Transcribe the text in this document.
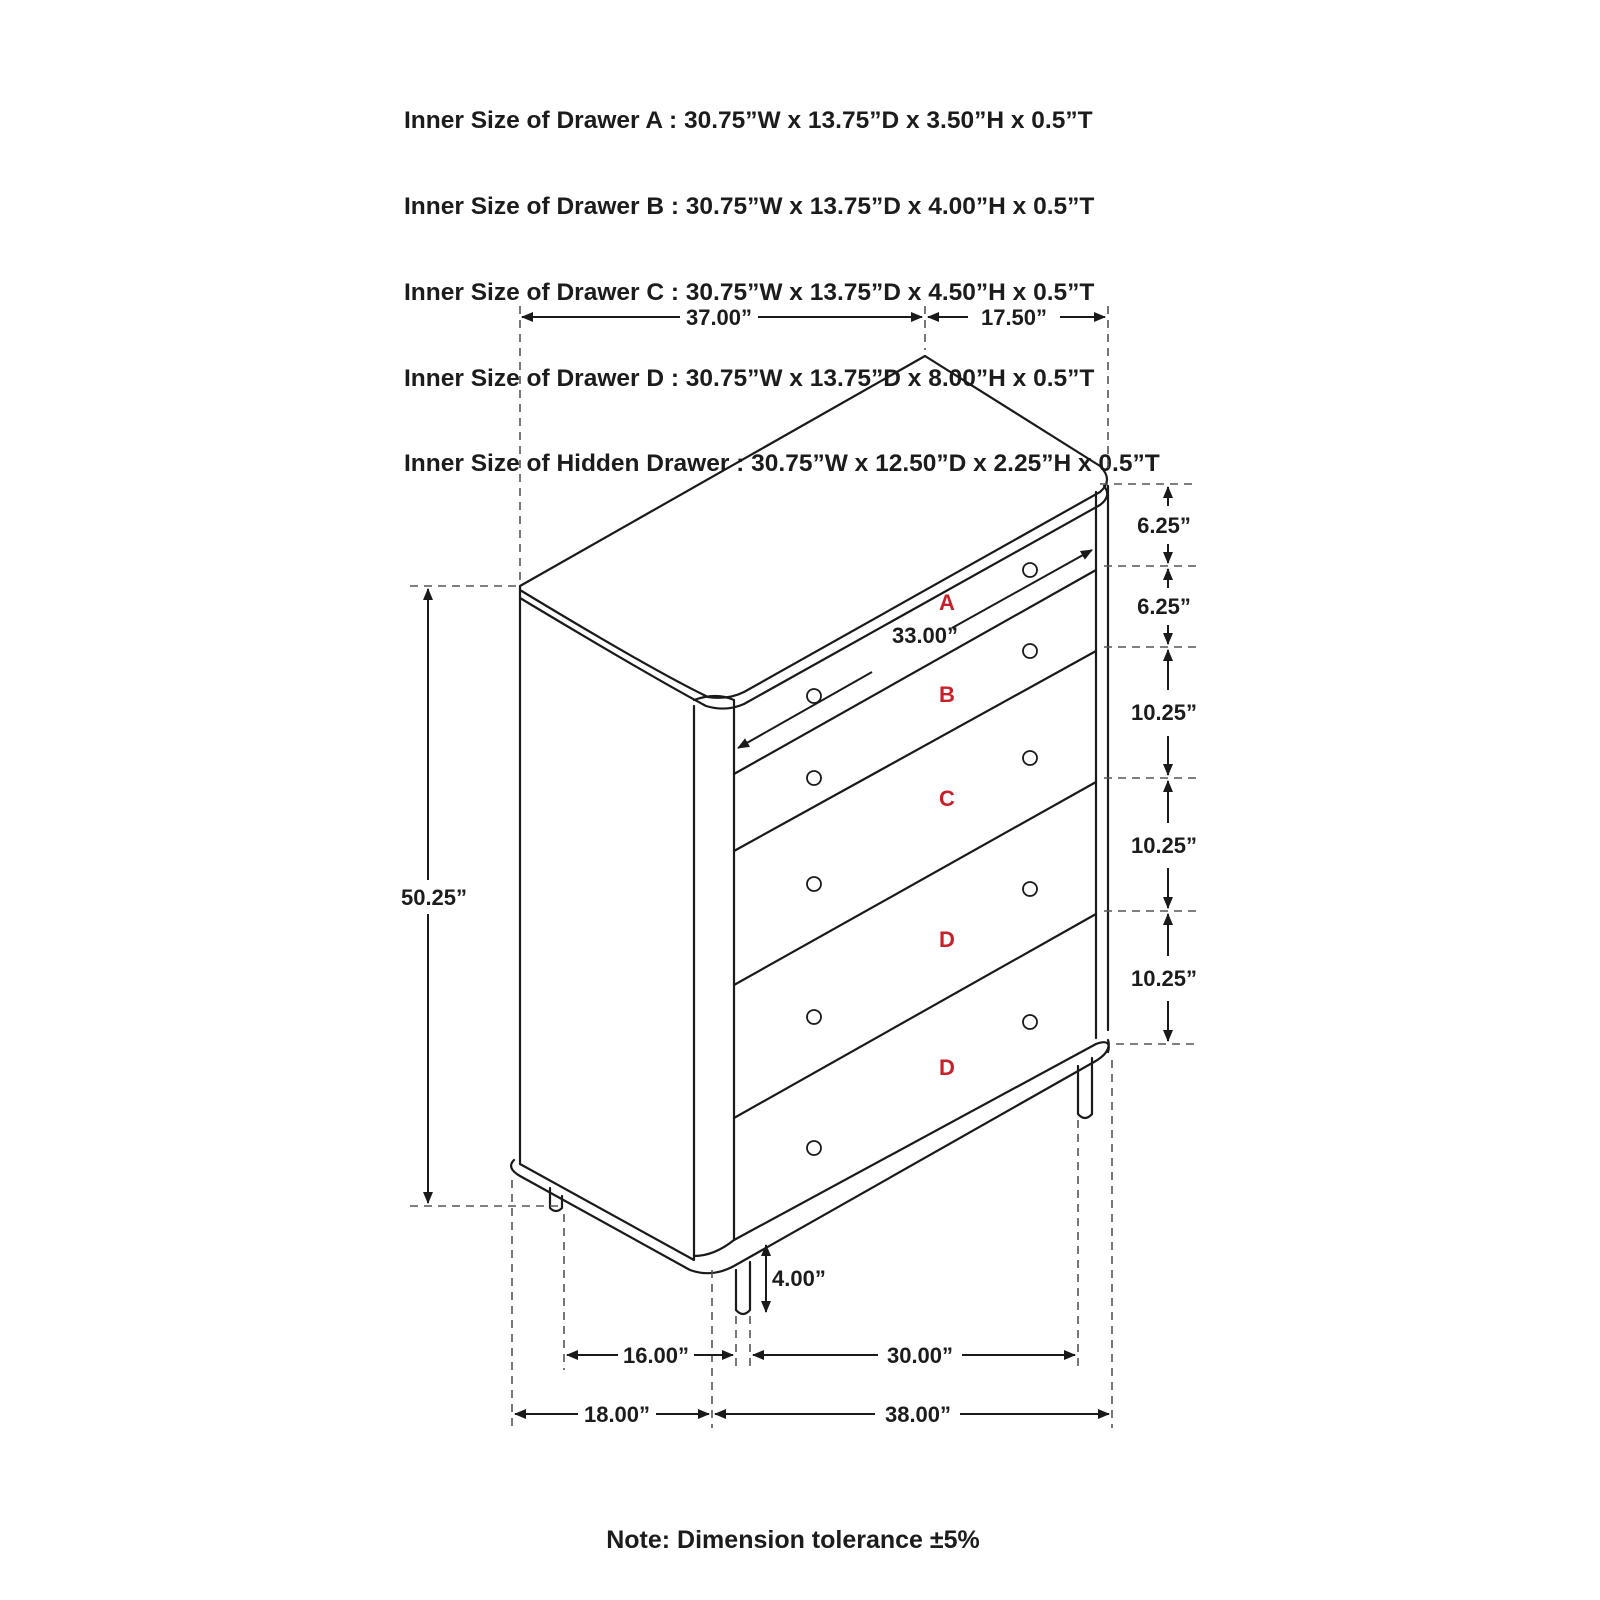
Inner Size of Drawer A : 30.75”W x 13.75”D x 3.50”H x 0.5”T

Inner Size of Drawer B : 30.75”W x 13.75”D x 4.00”H x 0.5”T

Inner Size of Drawer C : 30.75”W x 13.75”D x 4.50”H x 0.5”T

Inner Size of Drawer D : 30.75”W x 13.75”D x 8.00”H x 0.5”T

Inner Size of Hidden Drawer : 30.75”W x 12.50”D x 2.25”H x 0.5”T

A
B
C
D
D
37.00”	17.50”
50.25”
33.00”
6.25”
6.25”
10.25”
10.25”
10.25”
4.00”
16.00”	30.00”
18.00”	38.00”
Note: Dimension tolerance ±5%
